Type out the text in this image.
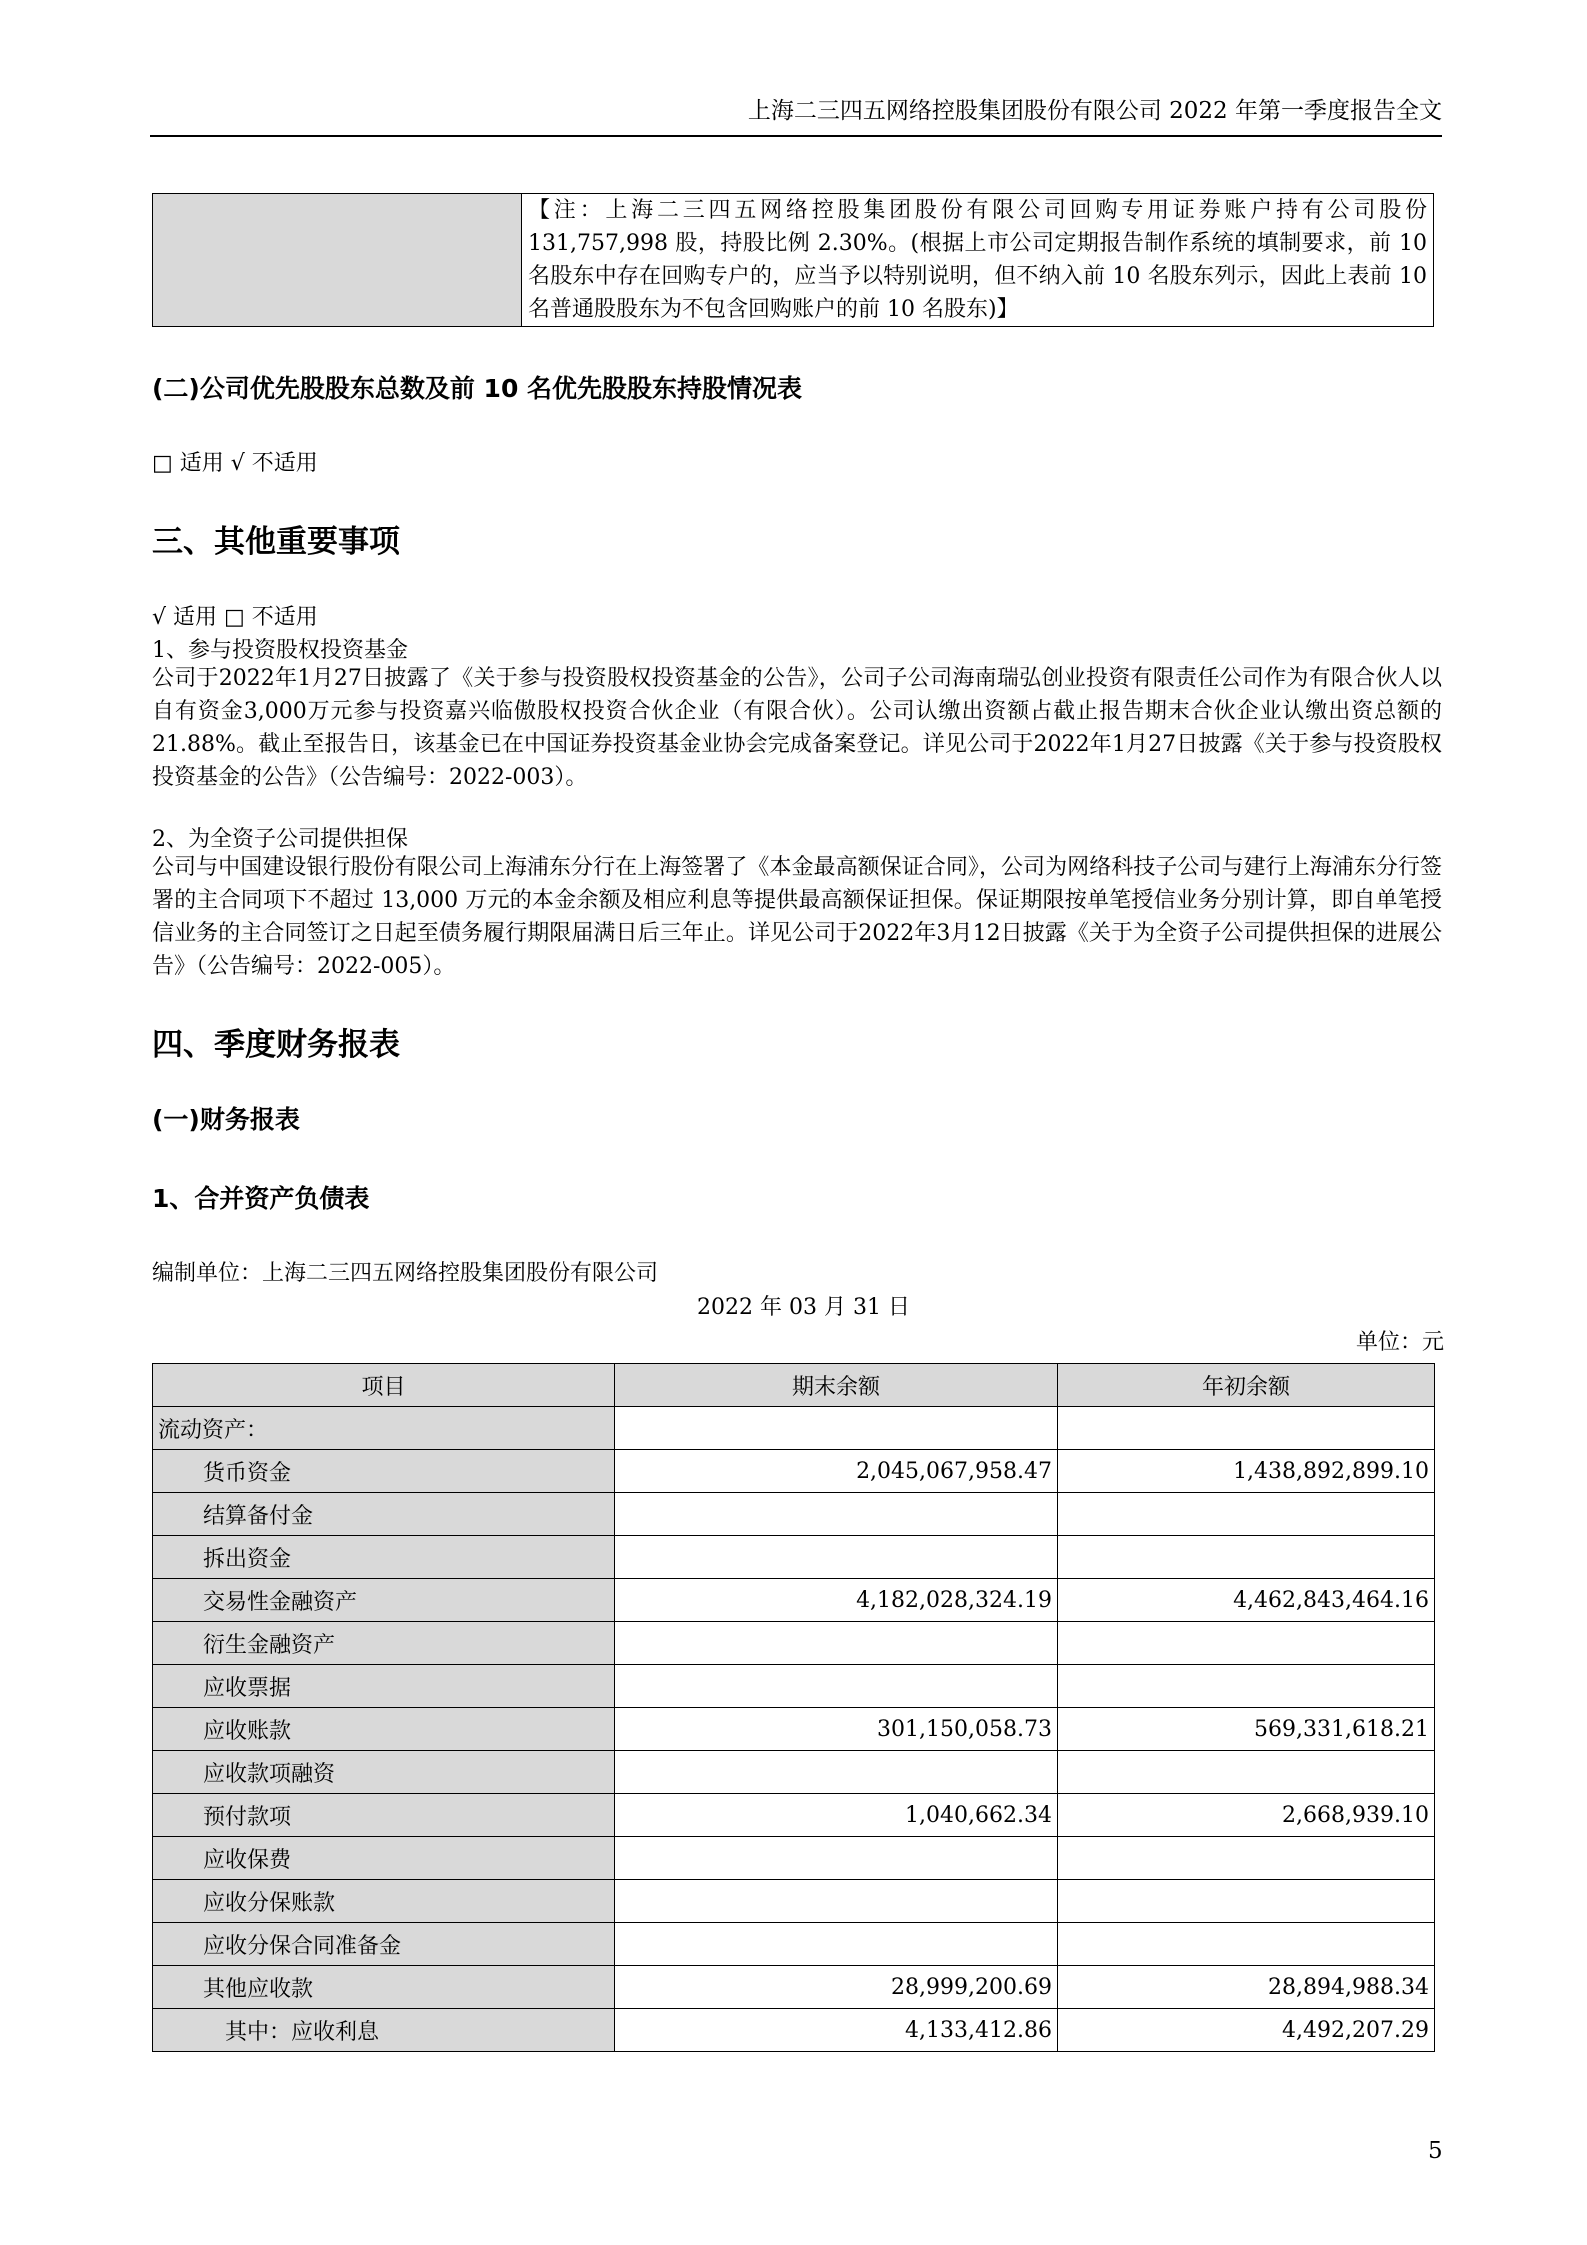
上海二三四五网络控股集团股份有限公司 2022 年第一季度报告全文
	【注：上海二三四五网络控股集团股份有限公司回购专用证券账户持有公司股份 131,757,998 股，持股比例 2.30%。(根据上市公司定期报告制作系统的填制要求，前 10 名股东中存在回购专户的，应当予以特别说明，但不纳入前 10 名股东列示，因此上表前 10 名普通股股东为不包含回购账户的前 10 名股东)】
(二)公司优先股股东总数及前 10 名优先股股东持股情况表
□ 适用 √ 不适用
三、其他重要事项
√ 适用 □ 不适用
1、参与投资股权投资基金
公司于2022年1月27日披露了《关于参与投资股权投资基金的公告》，公司子公司海南瑞弘创业投资有限责任公司作为有限合伙人以自有资金3,000万元参与投资嘉兴临傲股权投资合伙企业（有限合伙）。公司认缴出资额占截止报告期末合伙企业认缴出资总额的21.88%。截止至报告日，该基金已在中国证券投资基金业协会完成备案登记。详见公司于2022年1月27日披露《关于参与投资股权投资基金的公告》（公告编号：2022-003）。
2、为全资子公司提供担保
公司与中国建设银行股份有限公司上海浦东分行在上海签署了《本金最高额保证合同》，公司为网络科技子公司与建行上海浦东分行签署的主合同项下不超过 13,000 万元的本金余额及相应利息等提供最高额保证担保。保证期限按单笔授信业务分别计算，即自单笔授信业务的主合同签订之日起至债务履行期限届满日后三年止。详见公司于2022年3月12日披露《关于为全资子公司提供担保的进展公告》（公告编号：2022-005）。
四、季度财务报表
(一)财务报表
1、合并资产负债表
编制单位：上海二三四五网络控股集团股份有限公司
2022 年 03 月 31 日
单位：元
项目	期末余额	年初余额
流动资产：		
货币资金	2,045,067,958.47	1,438,892,899.10
结算备付金		
拆出资金		
交易性金融资产	4,182,028,324.19	4,462,843,464.16
衍生金融资产		
应收票据		
应收账款	301,150,058.73	569,331,618.21
应收款项融资		
预付款项	1,040,662.34	2,668,939.10
应收保费		
应收分保账款		
应收分保合同准备金		
其他应收款	28,999,200.69	28,894,988.34
其中：应收利息	4,133,412.86	4,492,207.29
5
